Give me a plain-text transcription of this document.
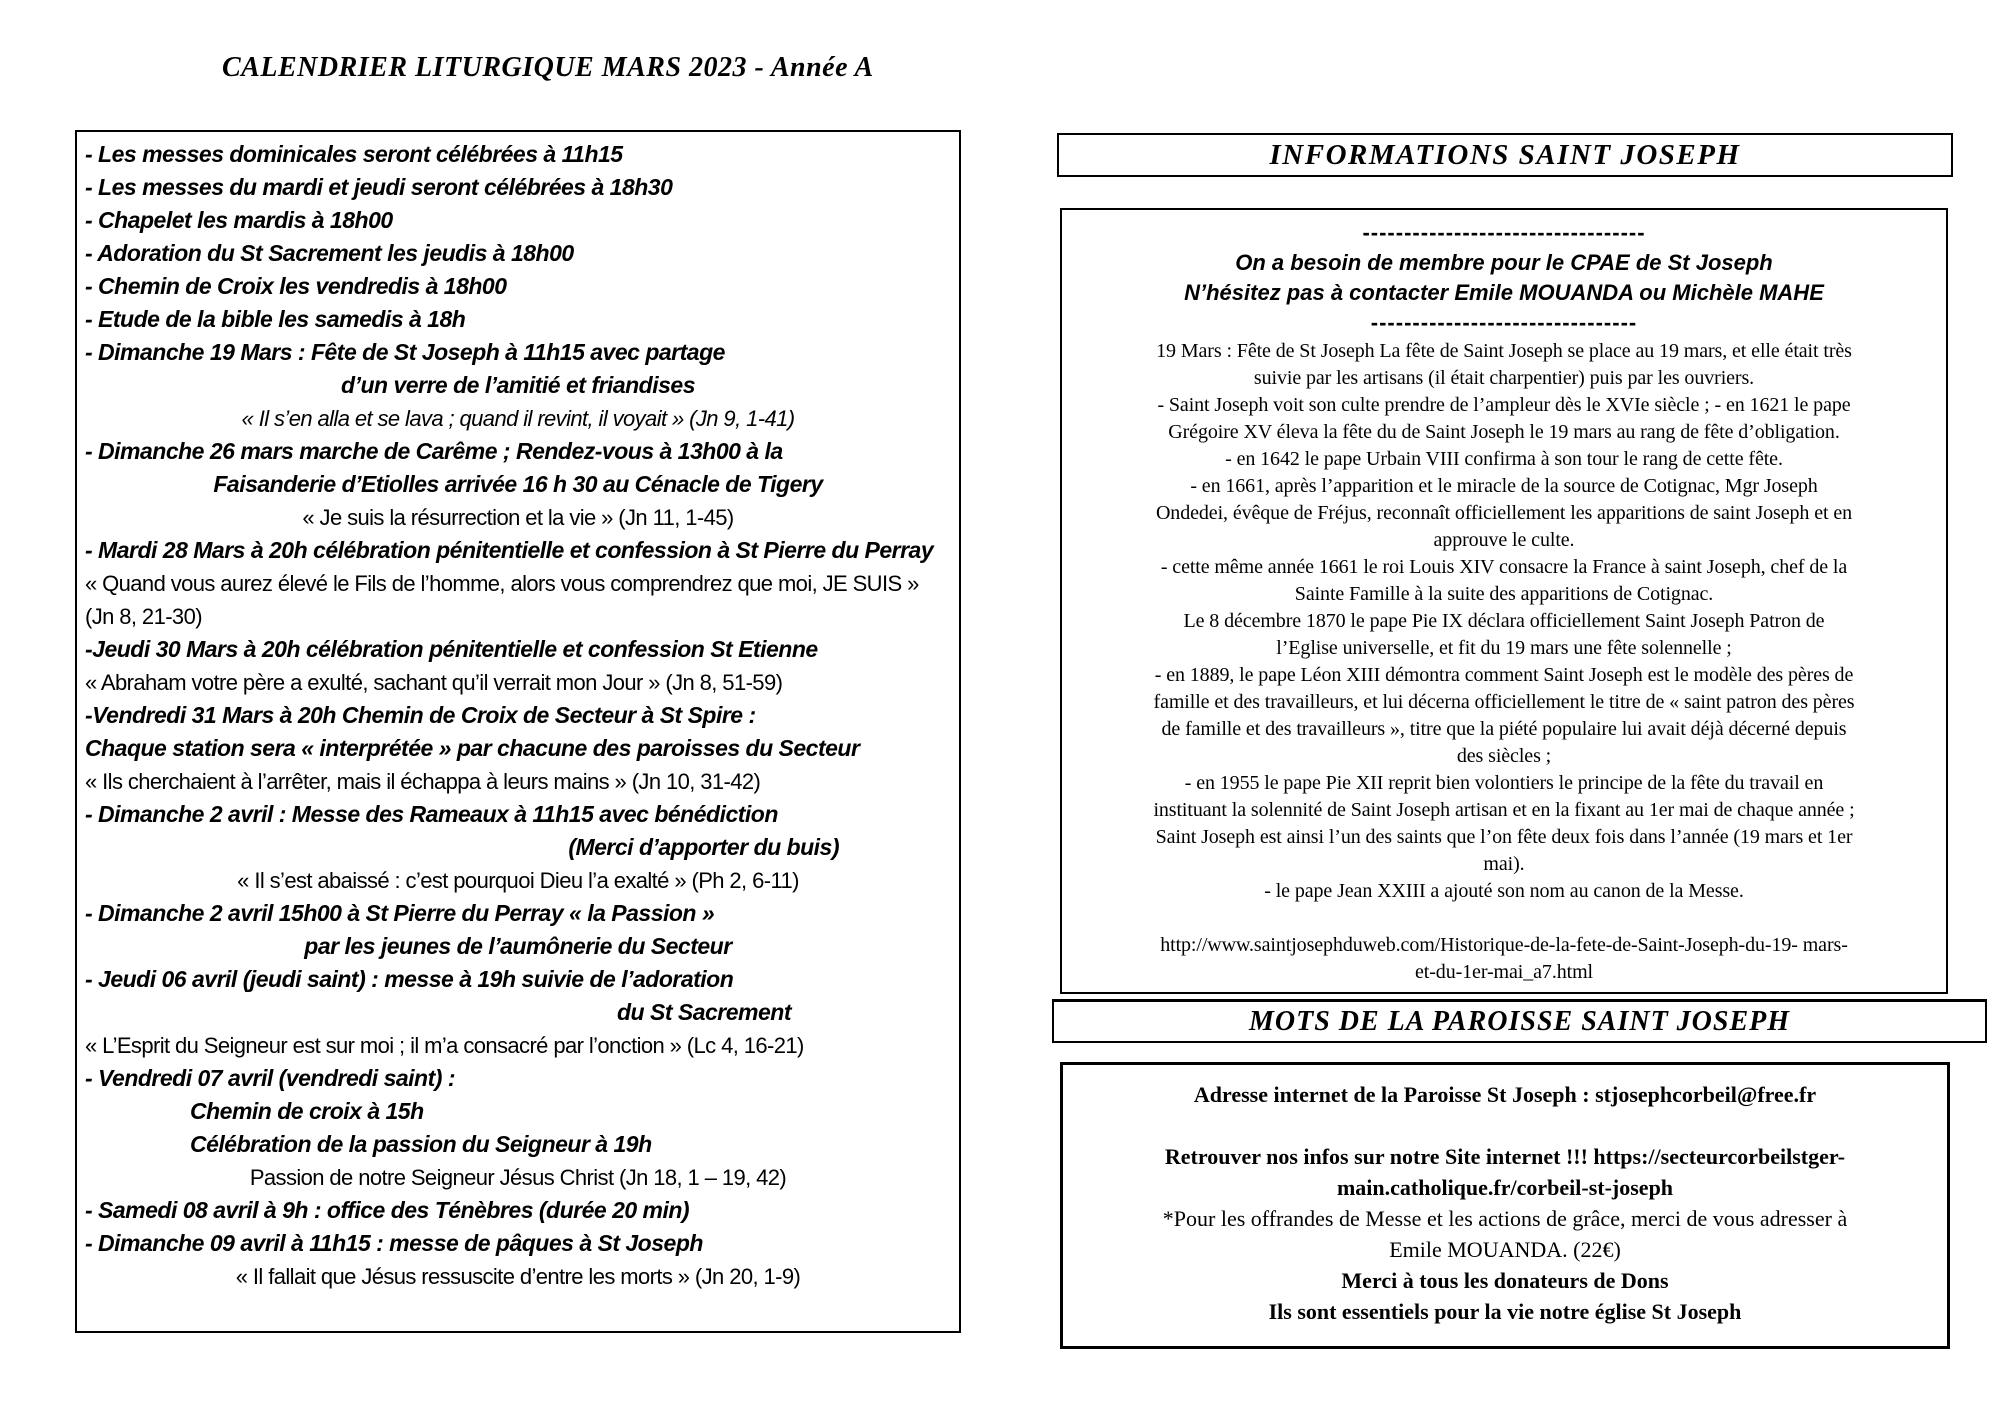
CALENDRIER LITURGIQUE MARS 2023 - Année A
- Les messes dominicales seront célébrées à 11h15
- Les messes du mardi et jeudi seront célébrées à 18h30
- Chapelet les mardis à 18h00
- Adoration du St Sacrement les jeudis à 18h00
- Chemin de Croix les vendredis à 18h00
- Etude de la bible les samedis à 18h
- Dimanche 19 Mars : Fête de St Joseph à 11h15 avec partage
d’un verre de l’amitié et friandises
« Il s’en alla et se lava ; quand il revint, il voyait » (Jn 9, 1-41)
- Dimanche 26 mars marche de Carême ; Rendez-vous à 13h00 à la
Faisanderie d’Etiolles arrivée 16 h 30 au Cénacle de Tigery
« Je suis la résurrection et la vie » (Jn 11, 1-45)
- Mardi 28 Mars à 20h célébration pénitentielle et confession à St Pierre du Perray
« Quand vous aurez élevé le Fils de l’homme, alors vous comprendrez que moi, JE SUIS » (Jn 8, 21-30)
-Jeudi 30 Mars à 20h célébration pénitentielle et confession St Etienne
« Abraham votre père a exulté, sachant qu’il verrait mon Jour » (Jn 8, 51-59)
-Vendredi 31 Mars à 20h Chemin de Croix de Secteur à St Spire :
Chaque station sera « interprétée » par chacune des paroisses du Secteur
« Ils cherchaient à l’arrêter, mais il échappa à leurs mains » (Jn 10, 31-42)
- Dimanche 2 avril : Messe des Rameaux à 11h15 avec bénédiction
(Merci d’apporter du buis)
« Il s’est abaissé : c’est pourquoi Dieu l’a exalté » (Ph 2, 6-11)
- Dimanche 2 avril 15h00 à St Pierre du Perray « la Passion »
par les jeunes de l’aumônerie du Secteur
- Jeudi 06 avril (jeudi saint) : messe à 19h suivie de l’adoration
du St Sacrement
« L’Esprit du Seigneur est sur moi ; il m’a consacré par l’onction » (Lc 4, 16-21)
- Vendredi 07 avril (vendredi saint) :
Chemin de croix à 15h
Célébration de la passion du Seigneur à 19h
Passion de notre Seigneur Jésus Christ (Jn 18, 1 – 19, 42)
- Samedi 08 avril à 9h : office des Ténèbres (durée 20 min)
- Dimanche 09 avril à 11h15 : messe de pâques à St Joseph
« Il fallait que Jésus ressuscite d’entre les morts » (Jn 20, 1-9)
INFORMATIONS SAINT JOSEPH
----------------------------------
On a besoin de membre pour le CPAE de St Joseph
N’hésitez pas à contacter Emile MOUANDA ou Michèle MAHE
--------------------------------
19 Mars : Fête de St Joseph La fête de Saint Joseph se place au 19 mars, et elle était très
suivie par les artisans (il était charpentier) puis par les ouvriers.
- Saint Joseph voit son culte prendre de l’ampleur dès le XVIe siècle ; - en 1621 le pape
Grégoire XV éleva la fête du de Saint Joseph le 19 mars au rang de fête d’obligation.
- en 1642 le pape Urbain VIII confirma à son tour le rang de cette fête.
- en 1661, après l’apparition et le miracle de la source de Cotignac, Mgr Joseph
Ondedei, évêque de Fréjus, reconnaît officiellement les apparitions de saint Joseph et en
approuve le culte.
- cette même année 1661 le roi Louis XIV consacre la France à saint Joseph, chef de la
Sainte Famille à la suite des apparitions de Cotignac.
Le 8 décembre 1870 le pape Pie IX déclara officiellement Saint Joseph Patron de
l’Eglise universelle, et fit du 19 mars une fête solennelle ;
- en 1889, le pape Léon XIII démontra comment Saint Joseph est le modèle des pères de
famille et des travailleurs, et lui décerna officiellement le titre de « saint patron des pères
de famille et des travailleurs », titre que la piété populaire lui avait déjà décerné depuis
des siècles ;
- en 1955 le pape Pie XII reprit bien volontiers le principe de la fête du travail en
instituant la solennité de Saint Joseph artisan et en la fixant au 1er mai de chaque année ;
Saint Joseph est ainsi l’un des saints que l’on fête deux fois dans l’année (19 mars et 1er
mai).
- le pape Jean XXIII a ajouté son nom au canon de la Messe.

http://www.saintjosephduweb.com/Historique-de-la-fete-de-Saint-Joseph-du-19- mars-
et-du-1er-mai_a7.html
MOTS DE LA PAROISSE SAINT JOSEPH
Adresse internet de la Paroisse St Joseph : stjosephcorbeil@free.fr

Retrouver nos infos sur notre Site internet !!! https://secteurcorbeilstger-
main.catholique.fr/corbeil-st-joseph
*Pour les offrandes de Messe et les actions de grâce, merci de vous adresser à
Emile MOUANDA. (22€)
Merci à tous les donateurs de Dons
Ils sont essentiels pour la vie notre église St Joseph
